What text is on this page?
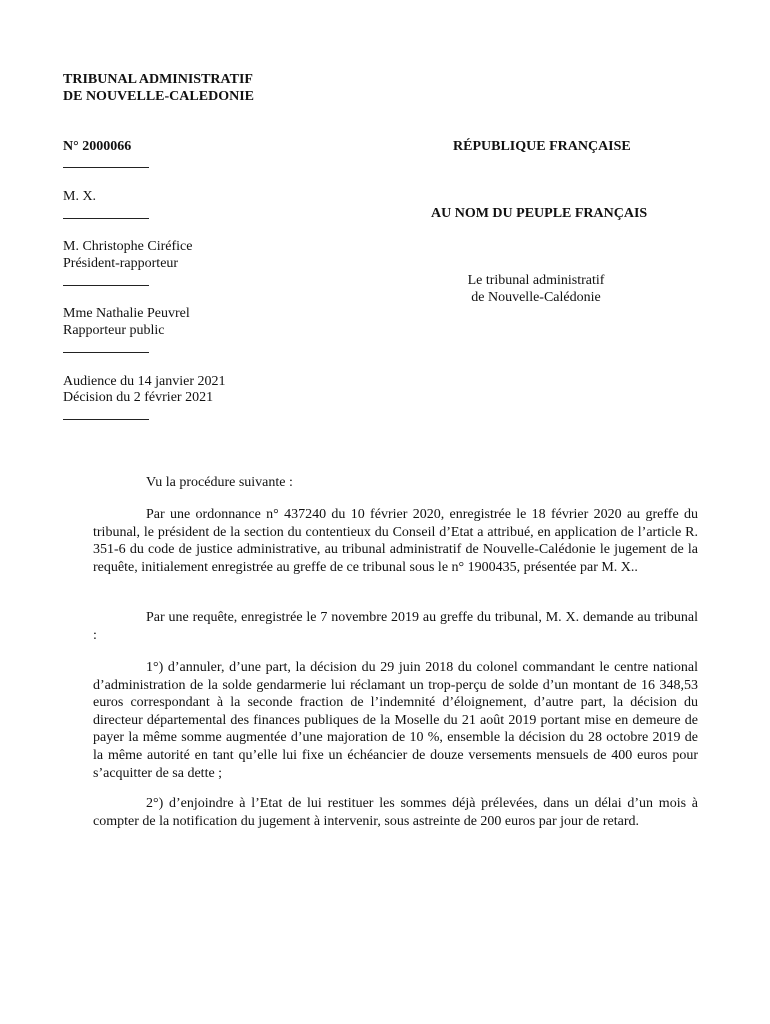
TRIBUNAL ADMINISTRATIF
DE NOUVELLE-CALEDONIE
N° 2000066
M. X.
M. Christophe Ciréfice
Président-rapporteur
Mme Nathalie Peuvrel
Rapporteur public
Audience du 14 janvier 2021
Décision du 2 février 2021
RÉPUBLIQUE FRANÇAISE
AU NOM DU PEUPLE FRANÇAIS
Le tribunal administratif
de Nouvelle-Calédonie
Vu la procédure suivante :
Par une ordonnance n° 437240 du 10 février 2020, enregistrée le 18 février 2020 au greffe du tribunal, le président de la section du contentieux du Conseil d’Etat a attribué, en application de l’article R. 351-6 du code de justice administrative, au tribunal administratif de Nouvelle-Calédonie le jugement de la requête, initialement enregistrée au greffe de ce tribunal sous le n° 1900435, présentée par M. X..
Par une requête, enregistrée le 7 novembre 2019 au greffe du tribunal, M. X. demande au tribunal :
1°) d’annuler, d’une part, la décision du 29 juin 2018 du colonel commandant le centre national d’administration de la solde gendarmerie lui réclamant un trop-perçu de solde d’un montant de 16 348,53 euros correspondant à la seconde fraction de l’indemnité d’éloignement, d’autre part, la décision du directeur départemental des finances publiques de la Moselle du 21 août 2019 portant mise en demeure de payer la même somme augmentée d’une majoration de 10 %, ensemble la décision du 28 octobre 2019 de la même autorité en tant qu’elle lui fixe un échéancier de douze versements mensuels de 400 euros pour s’acquitter de sa dette ;
2°) d’enjoindre à l’Etat de lui restituer les sommes déjà prélevées, dans un délai d’un mois à compter de la notification du jugement à intervenir, sous astreinte de 200 euros par jour de retard.
